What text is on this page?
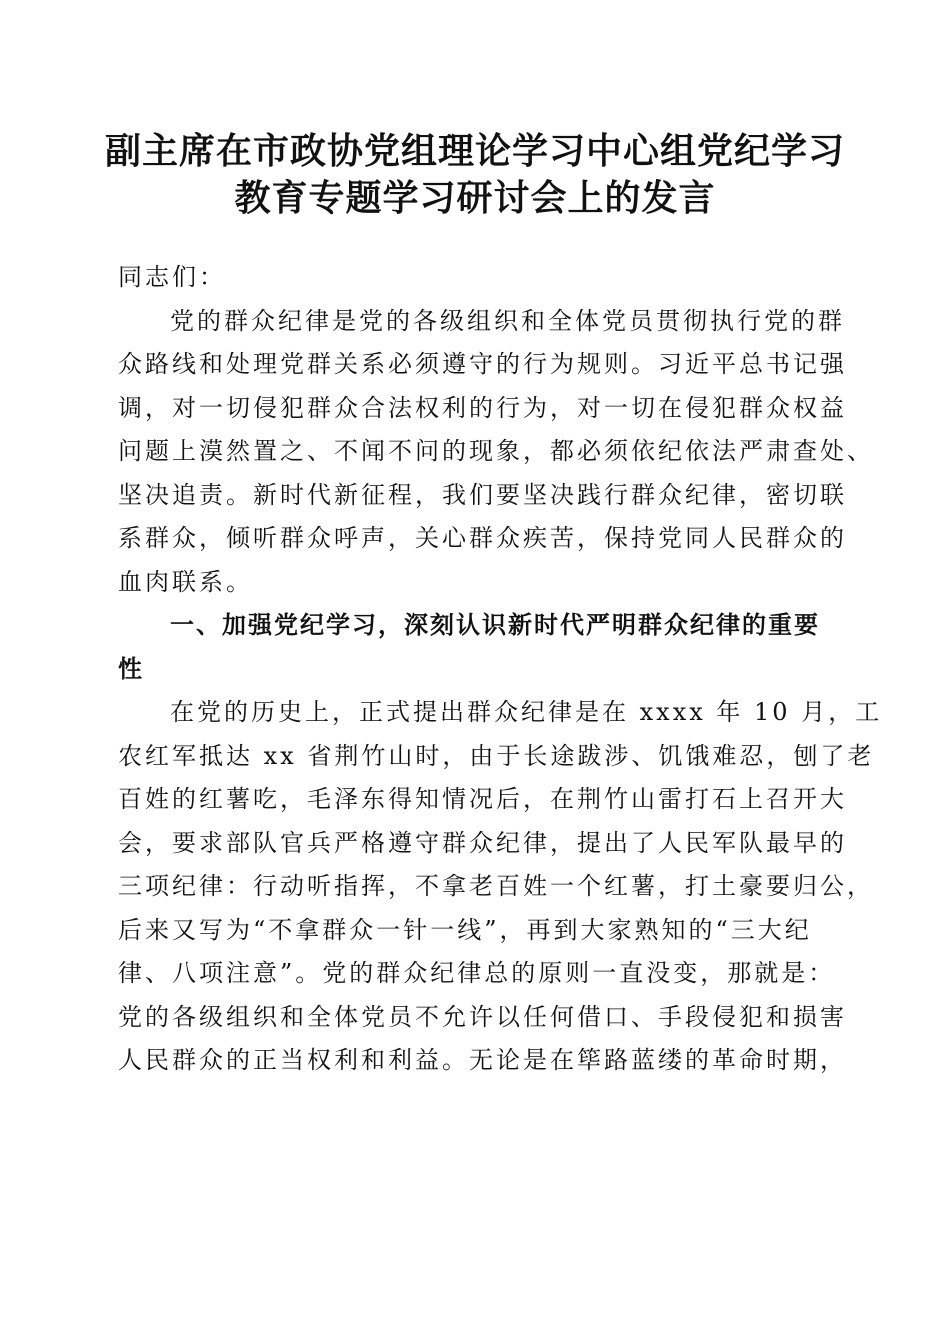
副主席在市政协党组理论学习中心组党纪学习
教育专题学习研讨会上的发言
同志们：
党的群众纪律是党的各级组织和全体党员贯彻执行党的群
众路线和处理党群关系必须遵守的行为规则。习近平总书记强
调，对一切侵犯群众合法权利的行为，对一切在侵犯群众权益
问题上漠然置之、不闻不问的现象，都必须依纪依法严肃查处、
坚决追责。新时代新征程，我们要坚决践行群众纪律，密切联
系群众，倾听群众呼声，关心群众疾苦，保持党同人民群众的
血肉联系。
一、加强党纪学习，深刻认识新时代严明群众纪律的重要
性
在党的历史上，正式提出群众纪律是在 xxxx 年 10 月，工
农红军抵达 xx 省荆竹山时，由于长途跋涉、饥饿难忍，刨了老
百姓的红薯吃，毛泽东得知情况后，在荆竹山雷打石上召开大
会，要求部队官兵严格遵守群众纪律，提出了人民军队最早的
三项纪律：行动听指挥，不拿老百姓一个红薯，打土豪要归公，
后来又写为“不拿群众一针一线”，再到大家熟知的“三大纪
律、八项注意”。党的群众纪律总的原则一直没变，那就是：
党的各级组织和全体党员不允许以任何借口、手段侵犯和损害
人民群众的正当权利和利益。无论是在筚路蓝缕的革命时期，
